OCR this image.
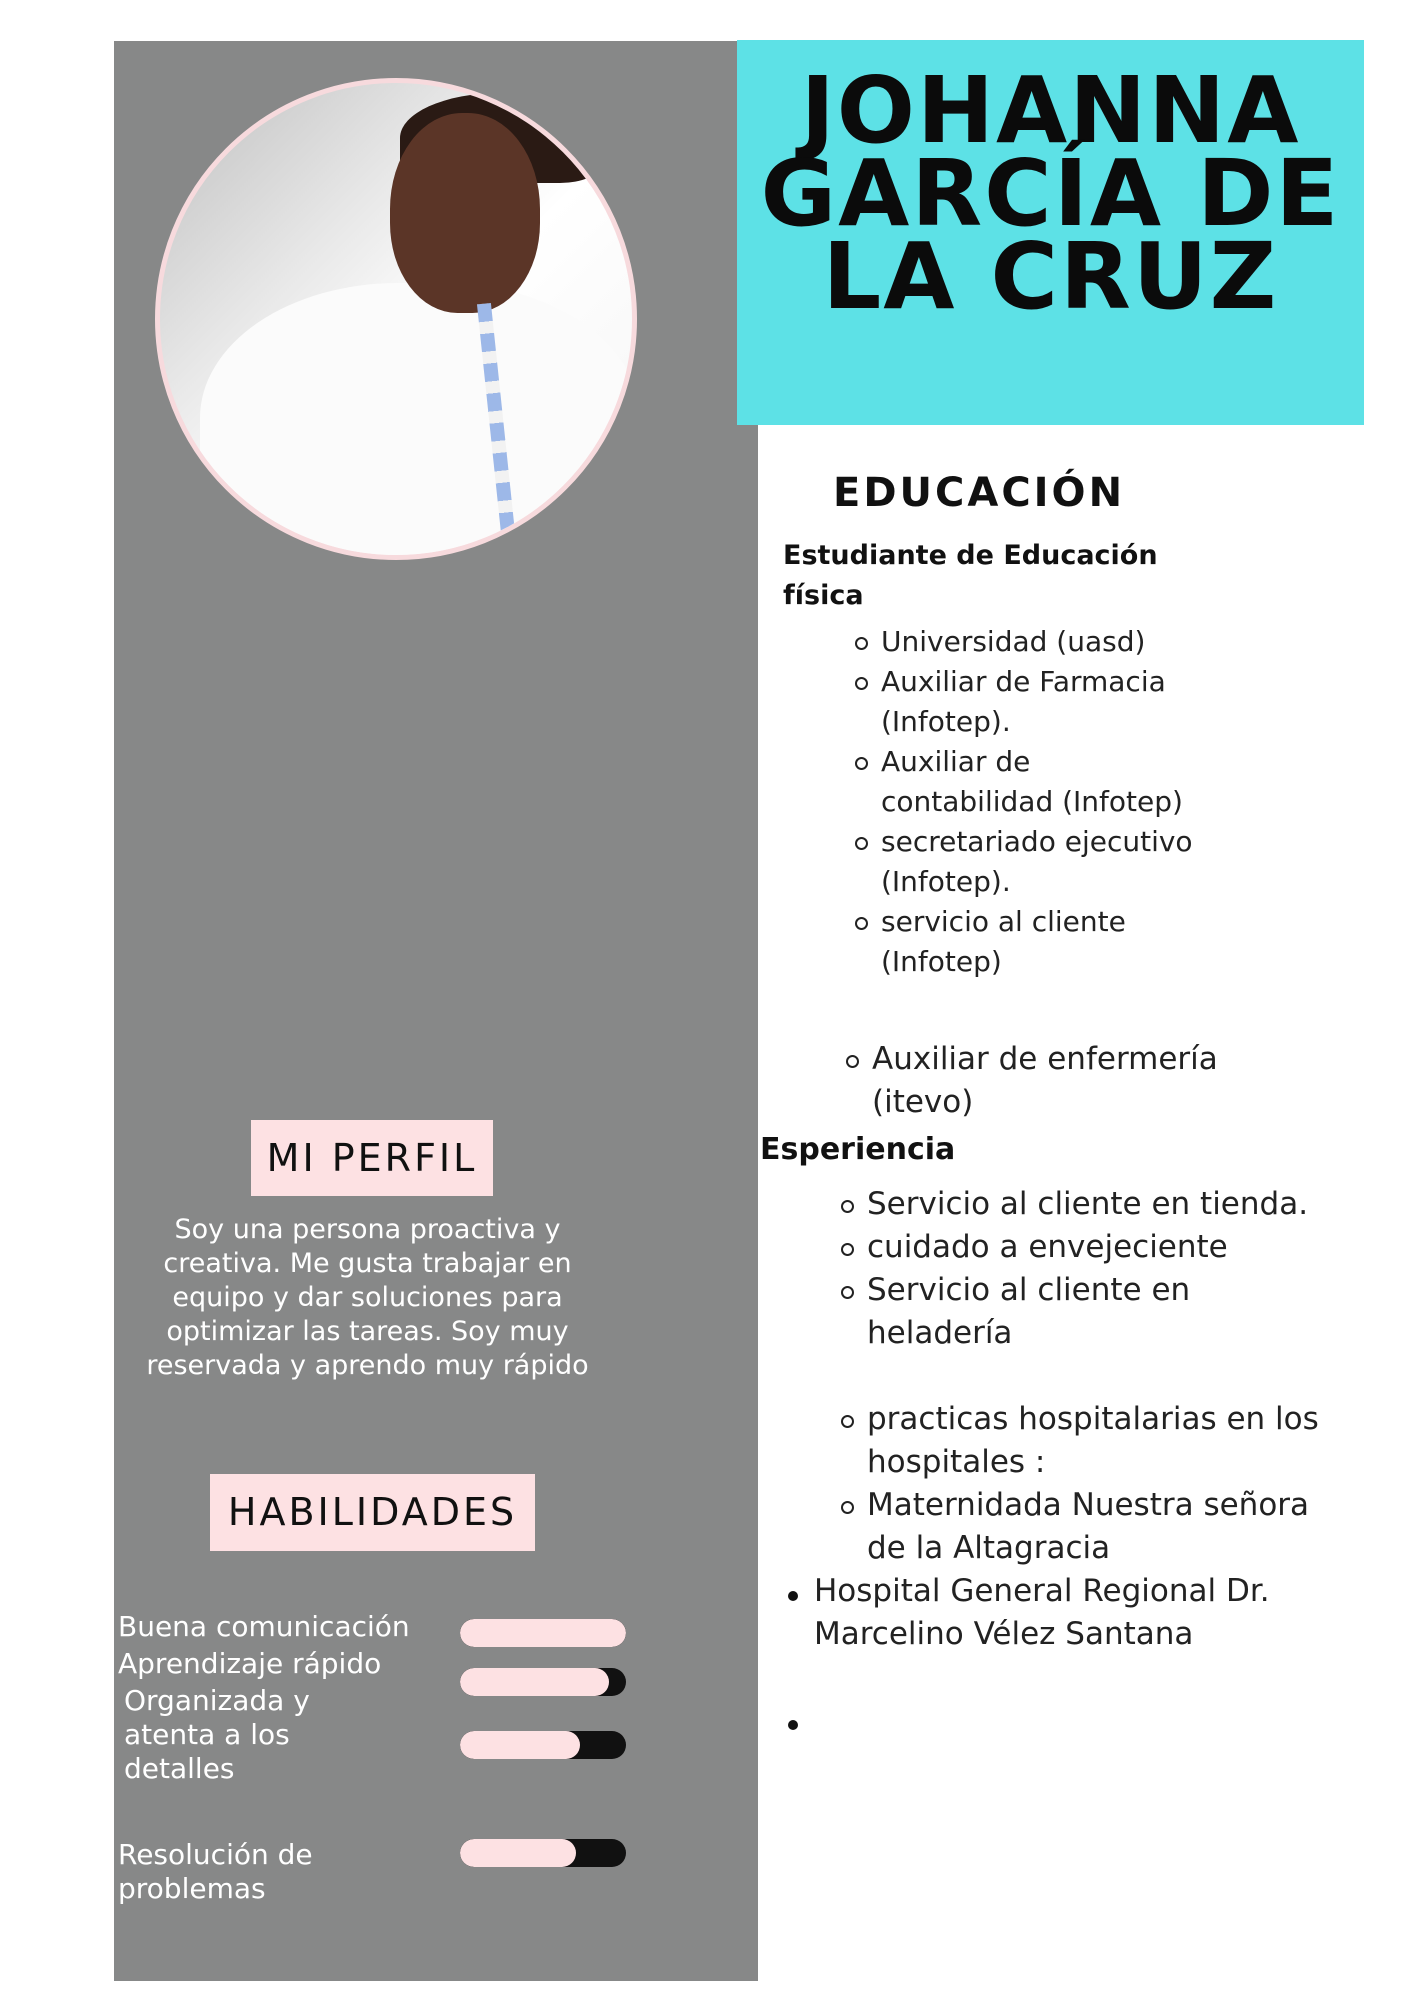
JOHANNA
GARCÍA DE
LA CRUZ
EDUCACIÓN
Estudiante de Educación
física
Universidad (uasd)
Auxiliar de Farmacia
(Infotep).
Auxiliar de
contabilidad (Infotep)
secretariado ejecutivo
(Infotep).
servicio al cliente
(Infotep)
Auxiliar de enfermería
(itevo)
Esperiencia
Servicio al cliente en tienda.
cuidado a envejeciente
Servicio al cliente en
heladería
practicas hospitalarias en los
hospitales :
Maternidada Nuestra señora
de la Altagracia
Hospital General Regional Dr.
Marcelino Vélez Santana
MI PERFIL
Soy una persona proactiva y
creativa. Me gusta trabajar en
equipo y dar soluciones para
optimizar las tareas. Soy muy
reservada y aprendo muy rápido
HABILIDADES
Buena comunicación
Aprendizaje rápido
Organizada y
atenta a los
detalles
Resolución de
problemas
